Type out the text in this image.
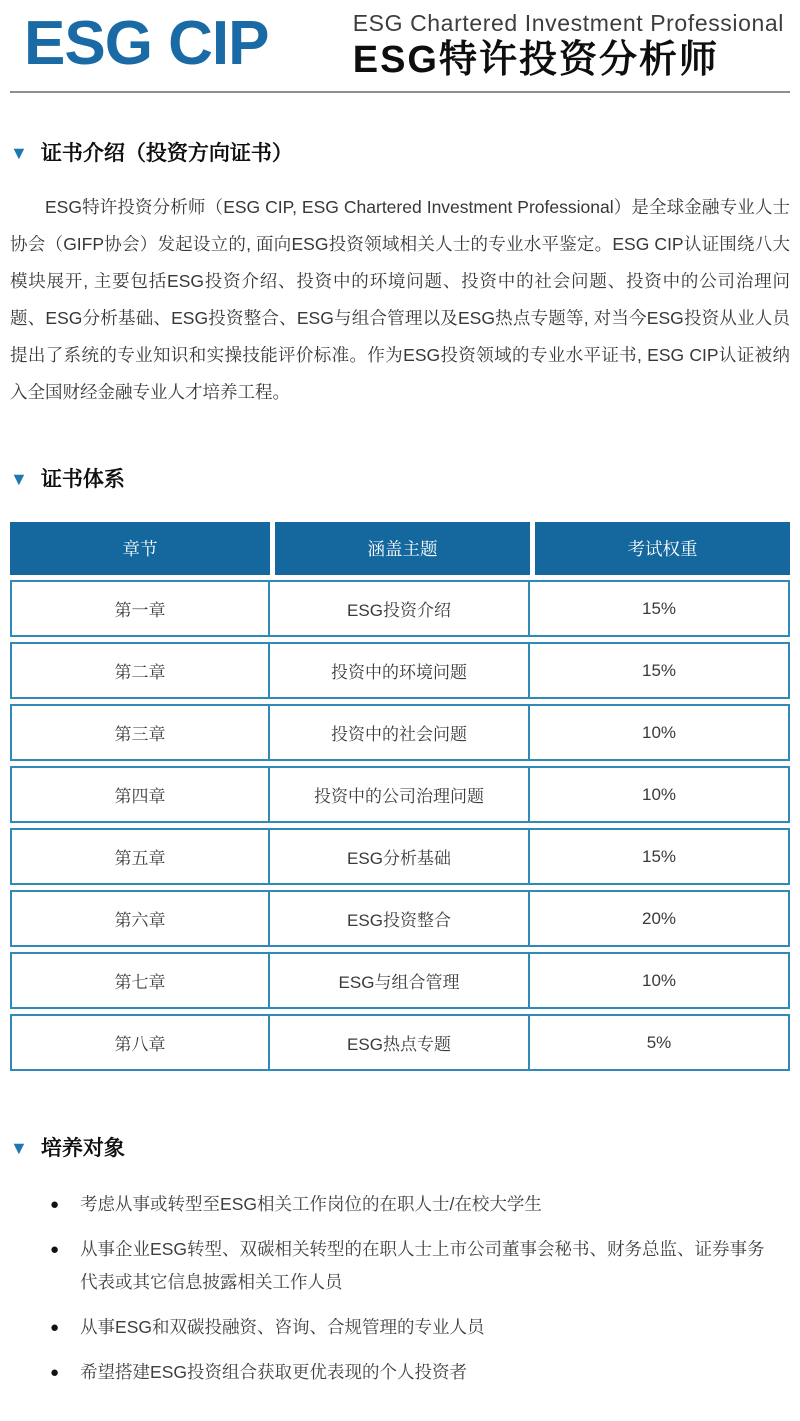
ESG CIP	ESG Chartered Investment Professional
ESG特许投资分析师
▼ 证书介绍（投资方向证书）

ESG特许投资分析师（ESG CIP, ESG Chartered Investment Professional）是全球金融专业人士协会（GIFP协会）发起设立的, 面向ESG投资领域相关人士的专业水平鉴定。ESG CIP认证围绕八大模块展开, 主要包括ESG投资介绍、投资中的环境问题、投资中的社会问题、投资中的公司治理问题、ESG分析基础、ESG投资整合、ESG与组合管理以及ESG热点专题等, 对当今ESG投资从业人员提出了系统的专业知识和实操技能评价标准。作为ESG投资领域的专业水平证书, ESG CIP认证被纳入全国财经金融专业人才培养工程。

▼ 证书体系
章节	涵盖主题	考试权重
第一章	ESG投资介绍	15%
第二章	投资中的环境问题	15%
第三章	投资中的社会问题	10%
第四章	投资中的公司治理问题	10%
第五章	ESG分析基础	15%
第六章	ESG投资整合	20%
第七章	ESG与组合管理	10%
第八章	ESG热点专题	5%
▼ 培养对象
● 考虑从事或转型至ESG相关工作岗位的在职人士/在校大学生
● 从事企业ESG转型、双碳相关转型的在职人士上市公司董事会秘书、财务总监、证券事务代表或其它信息披露相关工作人员
● 从事ESG和双碳投融资、咨询、合规管理的专业人员
● 希望搭建ESG投资组合获取更优表现的个人投资者
